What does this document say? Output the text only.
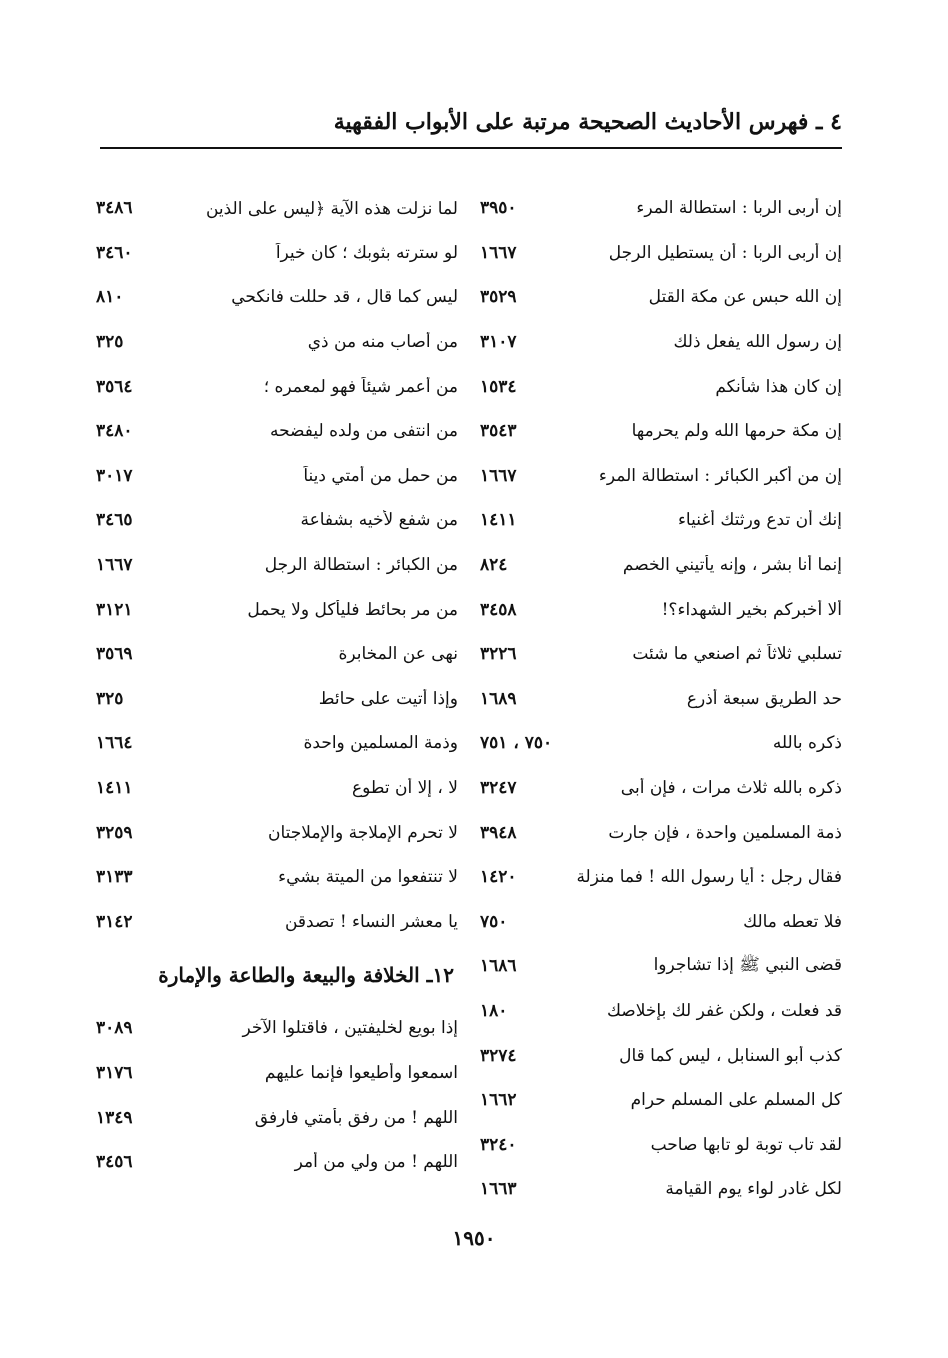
٤ ـ فهرس الأحاديث الصحيحة مرتبة على الأبواب الفقهية
إن أربى الربا : استطالة المرء
٣٩٥٠
إن أربى الربا : أن يستطيل الرجل
١٦٦٧
إن الله حبس عن مكة القتل
٣٥٢٩
إن رسول الله يفعل ذلك
٣١٠٧
إن كان هذا شأنكم
١٥٣٤
إن مكة حرمها الله ولم يحرمها
٣٥٤٣
إن من أكبر الكبائر : استطالة المرء
١٦٦٧
إنك أن تدع ورثتك أغنياء
١٤١١
إنما أنا بشر ، وإنه يأتيني الخصم
٨٢٤
ألا أخبركم بخير الشهداء؟!
٣٤٥٨
تسلبي ثلاثاً ثم اصنعي ما شئت
٣٢٢٦
حد الطريق سبعة أذرع
١٦٨٩
ذكره بالله
٧٥٠ ، ٧٥١
ذكره بالله ثلاث مرات ، فإن أبى
٣٢٤٧
ذمة المسلمين واحدة ، فإن جارت
٣٩٤٨
فقال رجل : أيا رسول الله ! فما منزلة
١٤٢٠
فلا تعطه مالك
٧٥٠
قضى النبي ﷺ إذا تشاجروا
١٦٨٦
قد فعلت ، ولكن غفر لك بإخلاصك
١٨٠
كذب أبو السنابل ، ليس كما قال
٣٢٧٤
كل المسلم على المسلم حرام
١٦٦٢
لقد تاب توبة لو تابها صاحب
٣٢٤٠
لكل غادر لواء يوم القيامة
١٦٦٣
لما نزلت هذه الآية ﴿ليس على الذين
٣٤٨٦
لو سترته بثوبك ؛ كان خيراً
٣٤٦٠
ليس كما قال ، قد حللت فانكحي
٨١٠
من أصاب منه من ذي
٣٢٥
من أعمر شيئاً فهو لمعمره ؛
٣٥٦٤
من انتفى من ولده ليفضحه
٣٤٨٠
من حمل من أمتي ديناً
٣٠١٧
من شفع لأخيه بشفاعة
٣٤٦٥
من الكبائر : استطالة الرجل
١٦٦٧
من مر بحائط فليأكل ولا يحمل
٣١٢١
نهى عن المخابرة
٣٥٦٩
وإذا أتيت على حائط
٣٢٥
وذمة المسلمين واحدة
١٦٦٤
لا ، إلا أن تطوع
١٤١١
لا تحرم الإملاجة والإملاجتان
٣٢٥٩
لا تنتفعوا من الميتة بشيء
٣١٣٣
يا معشر النساء ! تصدقن
٣١٤٢
١٢ـ الخلافة والبيعة والطاعة والإمارة
إذا بويع لخليفتين ، فاقتلوا الآخر
٣٠٨٩
اسمعوا وأطيعوا فإنما عليهم
٣١٧٦
اللهم ! من رفق بأمتي فارفق
١٣٤٩
اللهم ! من ولي من أمر
٣٤٥٦
١٩٥٠
